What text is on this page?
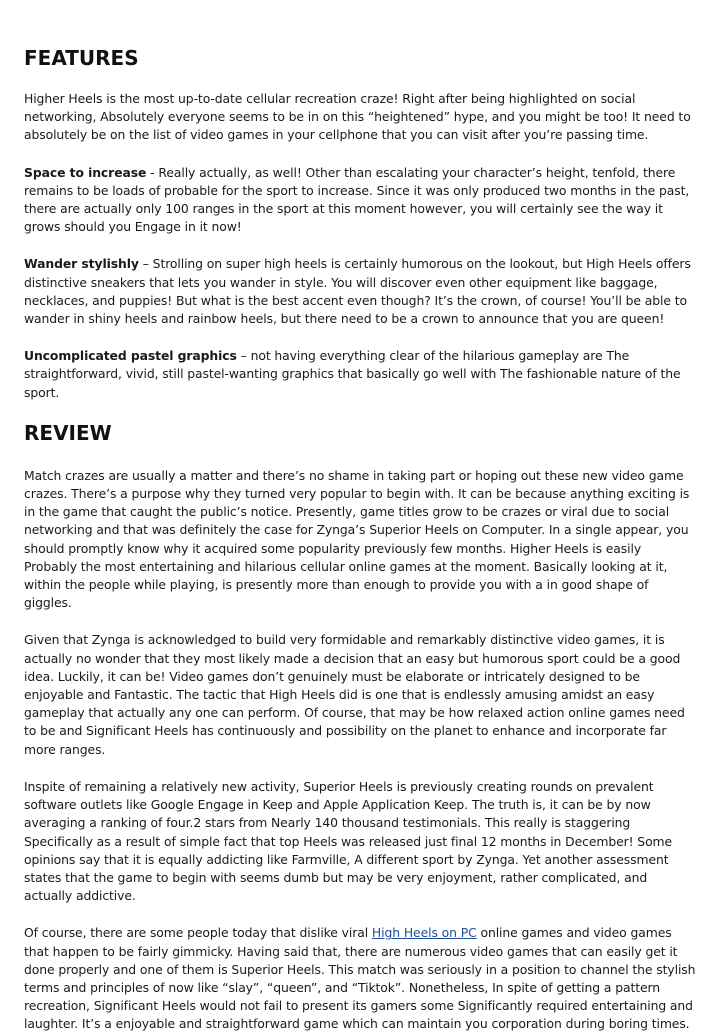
FEATURES

Higher Heels is the most up-to-date cellular recreation craze! Right after being highlighted on social networking, Absolutely everyone seems to be in on this “heightened” hype, and you might be too! It need to absolutely be on the list of video games in your cellphone that you can visit after you’re passing time.

Space to increase - Really actually, as well! Other than escalating your character’s height, tenfold, there remains to be loads of probable for the sport to increase. Since it was only produced two months in the past, there are actually only 100 ranges in the sport at this moment however, you will certainly see the way it grows should you Engage in it now!

Wander stylishly – Strolling on super high heels is certainly humorous on the lookout, but High Heels offers distinctive sneakers that lets you wander in style. You will discover even other equipment like baggage, necklaces, and puppies! But what is the best accent even though? It’s the crown, of course! You’ll be able to wander in shiny heels and rainbow heels, but there need to be a crown to announce that you are queen!

Uncomplicated pastel graphics – not having everything clear of the hilarious gameplay are The straightforward, vivid, still pastel-wanting graphics that basically go well with The fashionable nature of the sport.

REVIEW

Match crazes are usually a matter and there’s no shame in taking part or hoping out these new video game crazes. There’s a purpose why they turned very popular to begin with. It can be because anything exciting is in the game that caught the public’s notice. Presently, game titles grow to be crazes or viral due to social networking and that was definitely the case for Zynga’s Superior Heels on Computer. In a single appear, you should promptly know why it acquired some popularity previously few months. Higher Heels is easily Probably the most entertaining and hilarious cellular online games at the moment. Basically looking at it, within the people while playing, is presently more than enough to provide you with a in good shape of giggles.

Given that Zynga is acknowledged to build very formidable and remarkably distinctive video games, it is actually no wonder that they most likely made a decision that an easy but humorous sport could be a good idea. Luckily, it can be! Video games don’t genuinely must be elaborate or intricately designed to be enjoyable and Fantastic. The tactic that High Heels did is one that is endlessly amusing amidst an easy gameplay that actually any one can perform. Of course, that may be how relaxed action online games need to be and Significant Heels has continuously and possibility on the planet to enhance and incorporate far more ranges.

Inspite of remaining a relatively new activity, Superior Heels is previously creating rounds on prevalent software outlets like Google Engage in Keep and Apple Application Keep. The truth is, it can be by now averaging a ranking of four.2 stars from Nearly 140 thousand testimonials. This really is staggering Specifically as a result of simple fact that top Heels was released just final 12 months in December! Some opinions say that it is equally addicting like Farmville, A different sport by Zynga. Yet another assessment states that the game to begin with seems dumb but may be very enjoyment, rather complicated, and actually addictive.

Of course, there are some people today that dislike viral High Heels on PC online games and video games that happen to be fairly gimmicky. Having said that, there are numerous video games that can easily get it done properly and one of them is Superior Heels. This match was seriously in a position to channel the stylish terms and principles of now like “slay”, “queen”, and “Tiktok”. Nonetheless, In spite of getting a pattern recreation, Significant Heels would not fail to present its gamers some Significantly required entertaining and laughter. It’s a enjoyable and straightforward game which can maintain you corporation during boring times.
